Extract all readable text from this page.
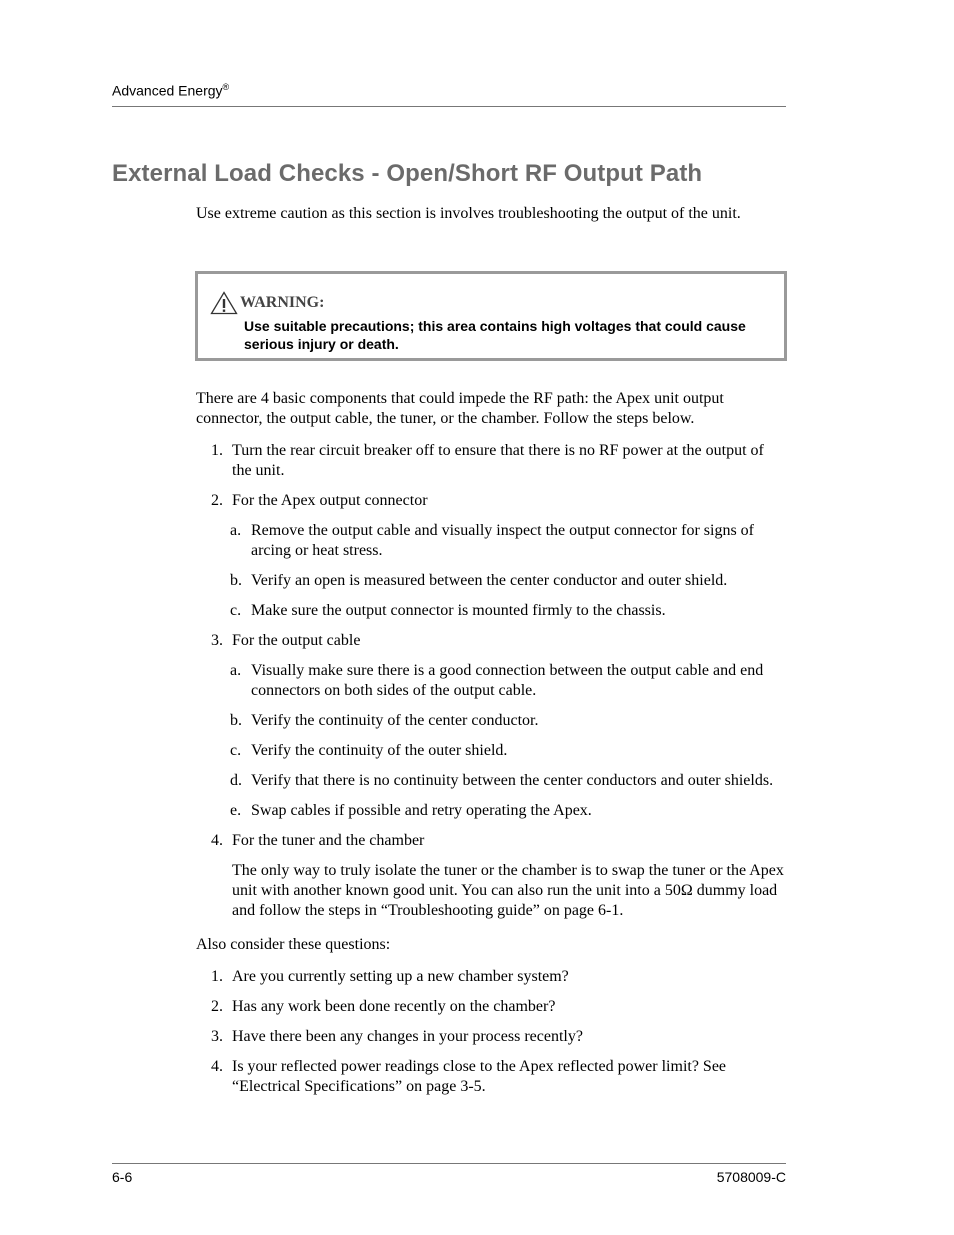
Advanced Energy®
External Load Checks - Open/Short RF Output Path
Use extreme caution as this section is involves troubleshooting the output of the unit.
WARNING:
Use suitable precautions; this area contains high voltages that could cause serious injury or death.

There are 4 basic components that could impede the RF path: the Apex unit output connector, the output cable, the tuner, or the chamber. Follow the steps below.

1. Turn the rear circuit breaker off to ensure that there is no RF power at the output of the unit.
2. For the Apex output connector
a. Remove the output cable and visually inspect the output connector for signs of arcing or heat stress.
b. Verify an open is measured between the center conductor and outer shield.
c. Make sure the output connector is mounted firmly to the chassis.
3. For the output cable
a. Visually make sure there is a good connection between the output cable and end connectors on both sides of the output cable.
b. Verify the continuity of the center conductor.
c. Verify the continuity of the outer shield.
d. Verify that there is no continuity between the center conductors and outer shields.
e. Swap cables if possible and retry operating the Apex.
4. For the tuner and the chamber
The only way to truly isolate the tuner or the chamber is to swap the tuner or the Apex unit with another known good unit. You can also run the unit into a 50Ω dummy load and follow the steps in “Troubleshooting guide” on page 6-1.

Also consider these questions:

1. Are you currently setting up a new chamber system?
2. Has any work been done recently on the chamber?
3. Have there been any changes in your process recently?
4. Is your reflected power readings close to the Apex reflected power limit? See “Electrical Specifications” on page 3-5.
6-6	5708009-C
